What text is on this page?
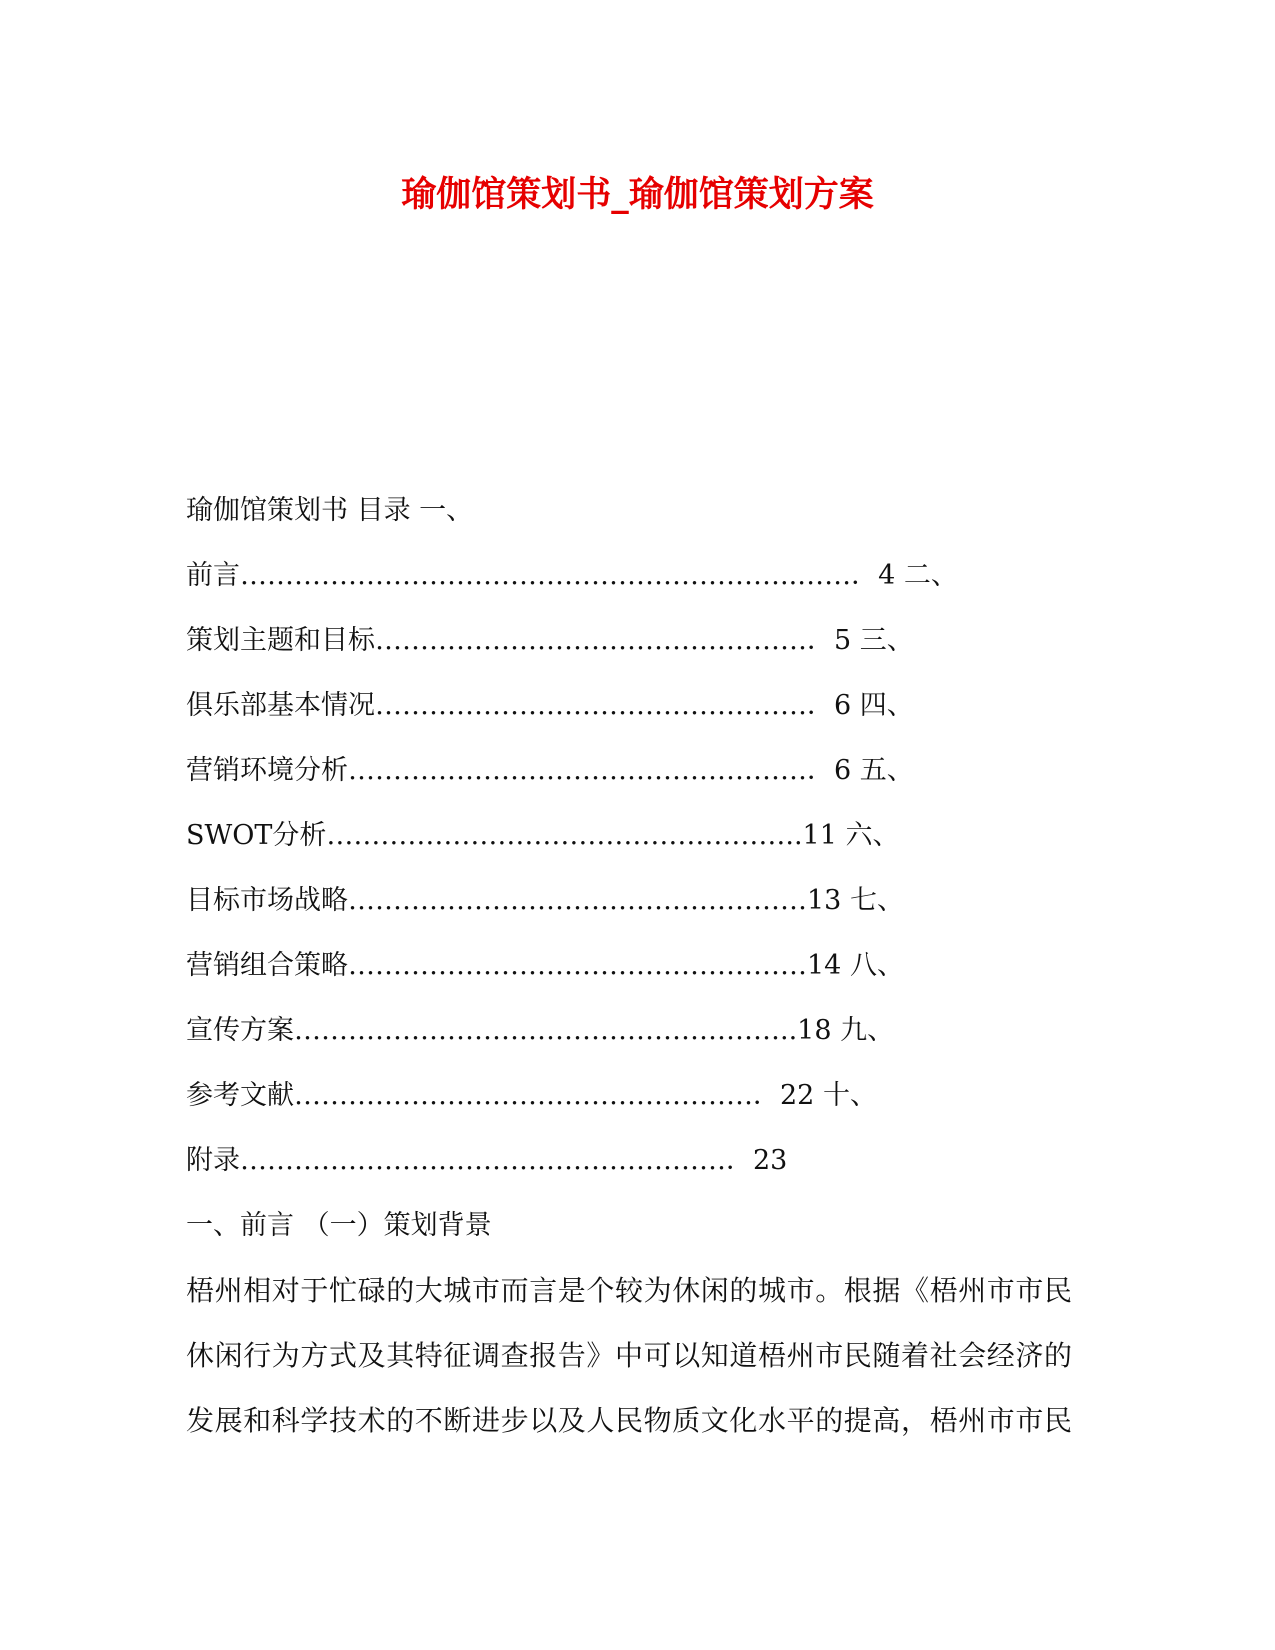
瑜伽馆策划书_瑜伽馆策划方案
瑜伽馆策划书 目录 一、
前言……………………………………………………..……．4 二、
策划主题和目标…………………………………………．5 三、
俱乐部基本情况…………………………………………．6 四、
营销环境分析……………………………………………．6 五、
SWOT分析……………………………………………..11 六、
目标市场战略……………………………………………13 七、
营销组合策略……………………………………………14 八、
宣传方案………………………………………………..18 九、
参考文献……………………………………………．22 十、
附录………………………………………………．23
一、前言 （一）策划背景
梧州相对于忙碌的大城市而言是个较为休闲的城市。根据《梧州市市民
休闲行为方式及其特征调查报告》中可以知道梧州市民随着社会经济的
发展和科学技术的不断进步以及人民物质文化水平的提高，梧州市市民
